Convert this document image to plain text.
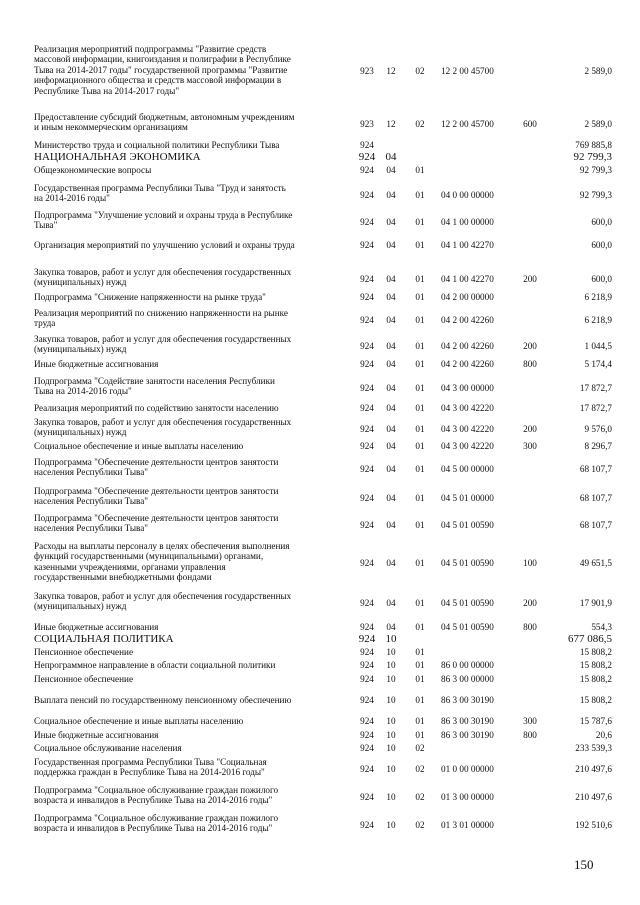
Реализация мероприятий подпрограммы "Развитие средств
массовой информации, книгоиздания и полиграфии в Республике
Тыва на 2014-2017 годы" государственной программы "Развитие
информационного общества и средств массовой информации в
Республике Тыва на 2014-2017 годы"
923	12	02	12 2 00 45700	2 589,0
Предоставление субсидий бюджетным, автономным учреждениям
и иным некоммерческим организациям	923	12	02	12 2 00 45700	600	2 589,0
Министерство труда и социальной политики Республики Тыва	924	769 885,8
НАЦИОНАЛЬНАЯ ЭКОНОМИКА	924 04	92 799,3
Общеэкономические вопросы	924	04	01	92 799,3
Государственная программа Республики Тыва "Труд и занятость
на 2014-2016 годы"	924	04	01	04 0 00 00000	92 799,3
Подпрограмма "Улучшение условий и охраны труда в Республике
Тыва"	924	04	01	04 1 00 00000	600,0
Организация мероприятий по улучшению условий и охраны труда	924	04	01	04 1 00 42270	600,0
Закупка товаров, работ и услуг для обеспечения государственных
(муниципальных) нужд	924	04	01	04 1 00 42270	200	600,0
Подпрограмма "Снижение напряженности на рынке труда"	924	04	01	04 2 00 00000	6 218,9
Реализация мероприятий по снижению напряженности на рынке
труда	924	04	01	04 2 00 42260	6 218,9
Закупка товаров, работ и услуг для обеспечения государственных
(муниципальных) нужд	924	04	01	04 2 00 42260	200	1 044,5
Иные бюджетные ассигнования	924	04	01	04 2 00 42260	800	5 174,4
Подпрограмма "Содействие занятости населения Республики
Тыва на 2014-2016 годы"	924	04	01	04 3 00 00000	17 872,7
Реализация мероприятий по содействию занятости населению	924	04	01	04 3 00 42220	17 872,7
Закупка товаров, работ и услуг для обеспечения государственных
(муниципальных) нужд	924	04	01	04 3 00 42220	200	9 576,0
Социальное обеспечение и иные выплаты населению	924	04	01	04 3 00 42220	300	8 296,7
Подпрограмма "Обеспечение деятельности центров занятости
населения Республики Тыва"	924	04	01	04 5 00 00000	68 107,7
Подпрограмма "Обеспечение деятельности центров занятости
населения Республики Тыва"	924	04	01	04 5 01 00000	68 107,7
Подпрограмма "Обеспечение деятельности центров занятости
населения Республики Тыва"	924	04	01	04 5 01 00590	68 107,7
Расходы на выплаты персоналу в целях обеспечения выполнения
функций государственными (муниципальными) органами,
казенными учреждениями, органами управления
государственными внебюджетными фондами
924	04	01	04 5 01 00590	100	49 651,5
Закупка товаров, работ и услуг для обеспечения государственных
(муниципальных) нужд	924	04	01	04 5 01 00590	200	17 901,9
Иные бюджетные ассигнования	924	04	01	04 5 01 00590	800	554,3
СОЦИАЛЬНАЯ ПОЛИТИКА	924 10	677 086,5
Пенсионное обеспечение	924	10	01	15 808,2
Непрограммное направление в области социальной политики	924	10	01	86 0 00 00000	15 808,2
Пенсионное обеспечение	924	10	01	86 3 00 00000	15 808,2
Выплата пенсий по государственному пенсионному обеспечению	924	10	01	86 3 00 30190	15 808,2
Социальное обеспечение и иные выплаты населению	924	10	01	86 3 00 30190	300	15 787,6
Иные бюджетные ассигнования	924	10	01	86 3 00 30190	800	20,6
Социальное обслуживание населения	924	10	02	233 539,3
Государственная программа Республики Тыва "Социальная
поддержка граждан в Республике Тыва на 2014-2016 годы"	924	10	02	01 0 00 00000	210 497,6
Подпрограмма "Социальное обслуживание граждан пожилого
возраста и инвалидов в Республике Тыва на 2014-2016 годы"	924	10	02	01 3 00 00000	210 497,6
Подпрограмма "Социальное обслуживание граждан пожилого
возраста и инвалидов в Республике Тыва на 2014-2016 годы"	924	10	02	01 3 01 00000	192 510,6
150
